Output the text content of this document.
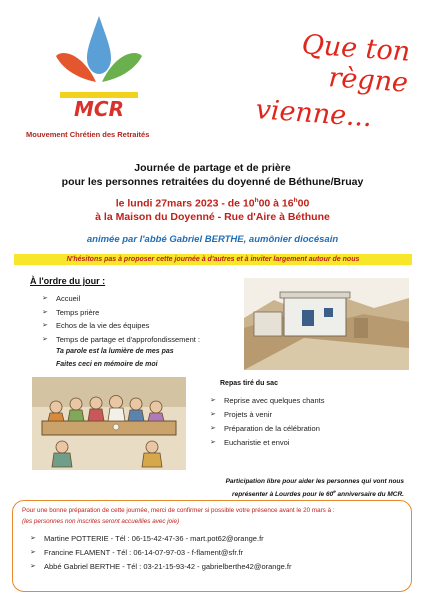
MCR
Mouvement Chrétien des Retraités
Que ton règne
vienne...
Journée de partage et de prière
pour les personnes retraitées du doyenné de Béthune/Bruay
le lundi 27mars 2023 - de 10$^h$00 à 16$^h$00
à la Maison du Doyenné - Rue d'Aire à Béthune
animée par l'abbé Gabriel BERTHE, aumônier diocésain
N'hésitons pas à proposer cette journée à d'autres et à inviter largement autour de nous
À l'ordre du jour :
➢ Accueil
➢ Temps prière
➢ Echos de la vie des équipes
➢ Temps de partage et d'approfondissement :
Ta parole est la lumière de mes pas
Faites ceci en mémoire de moi
Repas tiré du sac
➢ Reprise avec quelques chants
➢ Projets à venir
➢ Préparation de la célébration
➢ Eucharistie et envoi
Participation libre pour aider les personnes qui vont nous
représenter à Lourdes pour le 60e anniversaire du MCR.
Pour une bonne préparation de cette journée, merci de confirmer si possible votre présence avant le 20 mars à :
(les personnes non inscrites seront accueillies avec joie)
➢ Martine POTTERIE - Tél : 06-15-42-47-36 - mart.pot62@orange.fr
➢ Francine FLAMENT - Tél : 06-14-07-97-03 - f-flament@sfr.fr
➢ Abbé Gabriel BERTHE - Tél : 03-21-15-93-42 - gabrielberthe42@orange.fr
